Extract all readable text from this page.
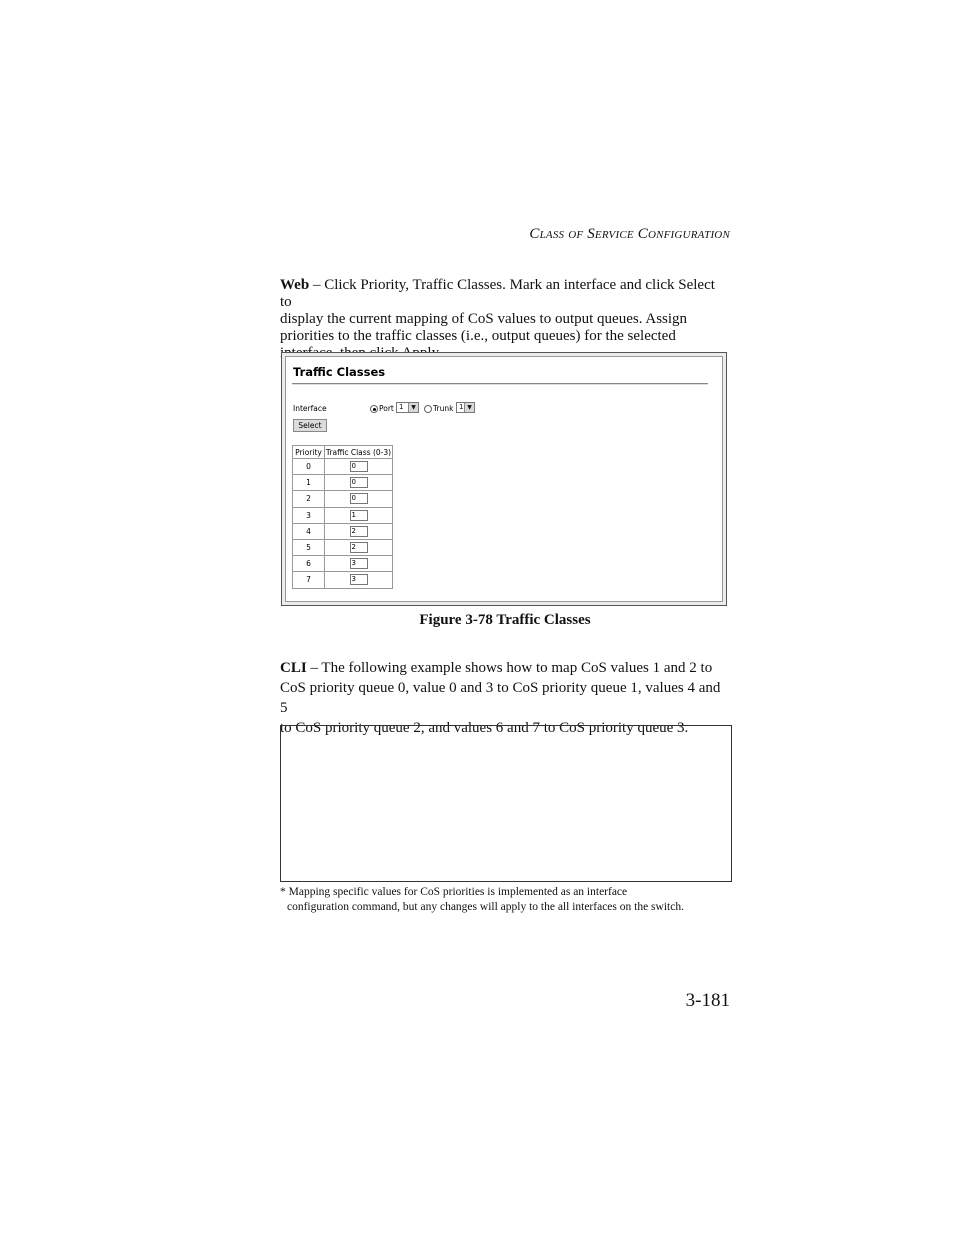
Class of Service Configuration
Web – Click Priority, Traffic Classes. Mark an interface and click Select to
display the current mapping of CoS values to output queues. Assign
priorities to the traffic classes (i.e., output queues) for the selected

Traffic Classes
Interface	Port 1	▼ Trunk 1 ▼
Select
Priority	Traffic Class (0-3)
0	0
1	0
2	0
3	1
4	2
5	2
6	3
7	3
Figure 3-78 Traffic Classes
CLI – The following example shows how to map CoS values 1 and 2 to
CoS priority queue 0, value 0 and 3 to CoS priority queue 1, values 4 and 5
to CoS priority queue 2, and values 6 and 7 to CoS priority queue 3.
* Mapping specific values for CoS priorities is implemented as an interface
configuration command, but any changes will apply to the all interfaces on the switch.
3-181
